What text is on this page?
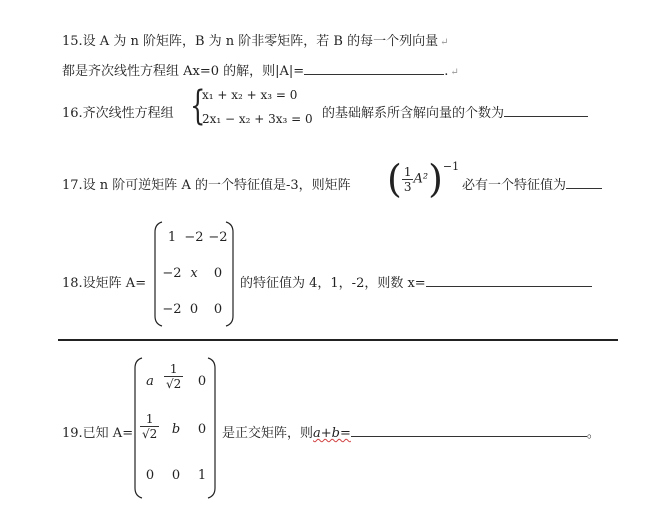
15.设 A 为 n 阶矩阵，B 为 n 阶非零矩阵，若 B 的每一个列向量 ↵
都是齐次线性方程组 Ax=0 的解，则|A|=	. ↵
16.齐次线性方程组 {
x₁ + x₂ + x₃ = 0
2x₁ − x₂ + 3x₃ = 0 的基础解系所含解向量的个数为
17.设 n 阶可逆矩阵 A 的一个特征值是-3，则矩阵 ( $\frac{1}{3} A^2)^{-1}$
必有一个特征值为
18.设矩阵 A=
1 −2 −2
−2 x	0
−2 0	0
的特征值为 4，1，-2，则数 x=
19.已知 A=
a $\frac{1}{√2}$	0
$\frac{1}{√2}$ b	0
0	0	1
是正交矩阵，则a+b=	。
